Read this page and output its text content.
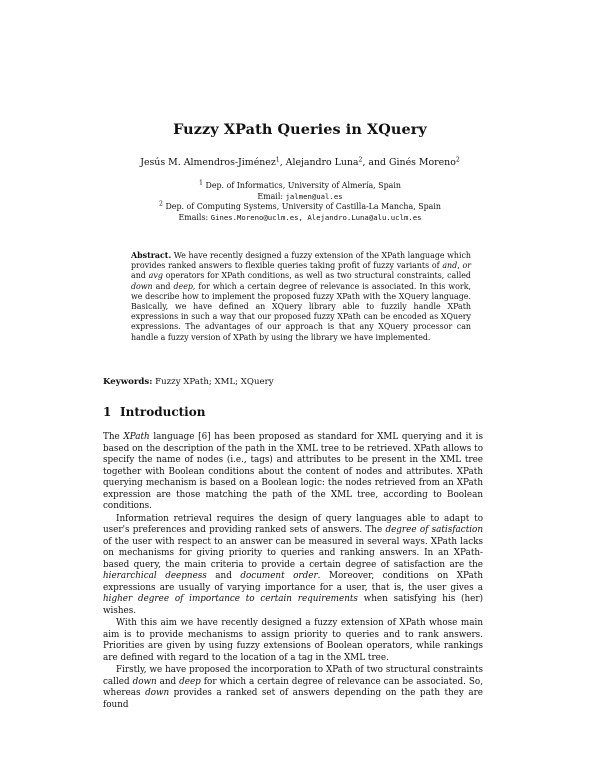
Fuzzy XPath Queries in XQuery
Jesús M. Almendros-Jiménez$^1$, Alejandro Luna$^2$, and Ginés Moreno$^2$
$^1$ Dep. of Informatics, University of Almería, Spain
Email: jalmen@ual.es
$^2$ Dep. of Computing Systems, University of Castilla-La Mancha, Spain
Emails: Gines.Moreno@uclm.es, Alejandro.Luna@alu.uclm.es
Abstract. We have recently designed a fuzzy extension of the XPath language which provides ranked answers to flexible queries taking profit of fuzzy variants of and, or and avg operators for XPath conditions, as well as two structural constraints, called down and deep, for which a certain degree of relevance is associated. In this work, we describe how to implement the proposed fuzzy XPath with the XQuery language. Basically, we have defined an XQuery library able to fuzzily handle XPath expressions in such a way that our proposed fuzzy XPath can be encoded as XQuery expressions. The advantages of our approach is that any XQuery processor can handle a fuzzy version of XPath by using the library we have implemented.
Keywords: Fuzzy XPath; XML; XQuery
1 Introduction

The XPath language [6] has been proposed as standard for XML querying and it is based on the description of the path in the XML tree to be retrieved. XPath allows to specify the name of nodes (i.e., tags) and attributes to be present in the XML tree together with Boolean conditions about the content of nodes and attributes. XPath querying mechanism is based on a Boolean logic: the nodes retrieved from an XPath expression are those matching the path of the XML tree, according to Boolean conditions.

Information retrieval requires the design of query languages able to adapt to user's preferences and providing ranked sets of answers. The degree of satisfaction of the user with respect to an answer can be measured in several ways. XPath lacks on mechanisms for giving priority to queries and ranking answers. In an XPath-based query, the main criteria to provide a certain degree of satisfaction are the hierarchical deepness and document order. Moreover, conditions on XPath expressions are usually of varying importance for a user, that is, the user gives a higher degree of importance to certain requirements when satisfying his (her) wishes.

With this aim we have recently designed a fuzzy extension of XPath whose main aim is to provide mechanisms to assign priority to queries and to rank answers. Priorities are given by using fuzzy extensions of Boolean operators, while rankings are defined with regard to the location of a tag in the XML tree.

Firstly, we have proposed the incorporation to XPath of two structural constraints called down and deep for which a certain degree of relevance can be associated. So, whereas down provides a ranked set of answers depending on the path they are found
